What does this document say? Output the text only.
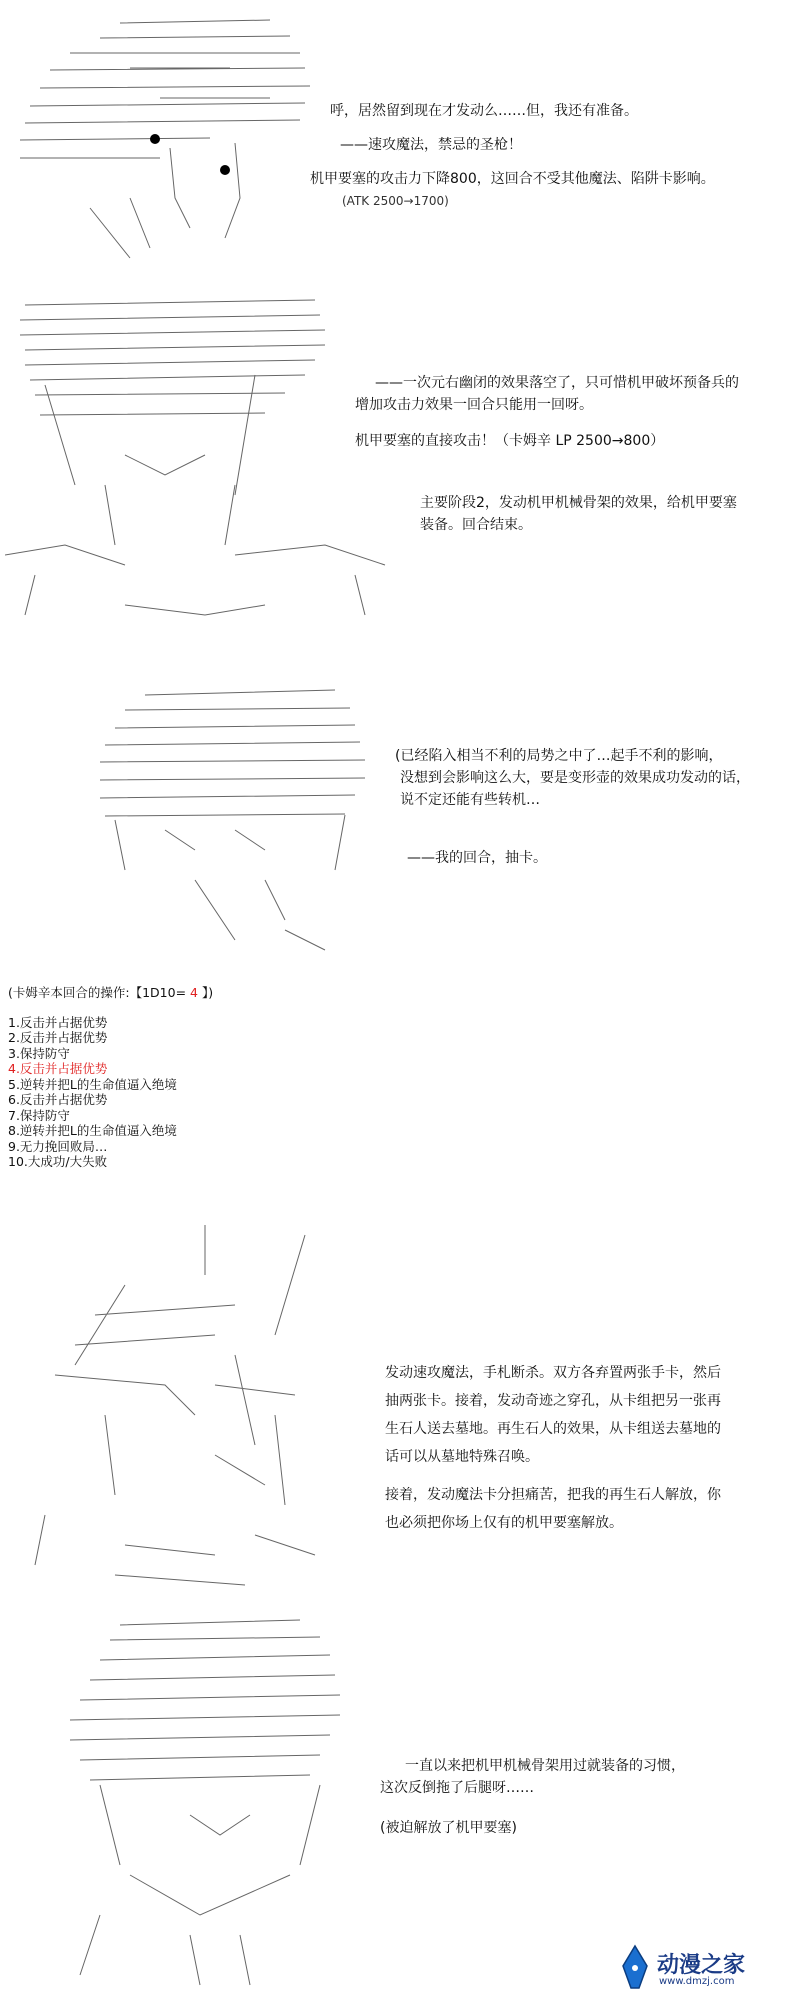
呼，居然留到现在才发动么……但，我还有准备。

——速攻魔法，禁忌的圣枪！

机甲要塞的攻击力下降800，这回合不受其他魔法、陷阱卡影响。

(ATK 2500→1700)

——一次元右幽闭的效果落空了，只可惜机甲破坏预备兵的

增加攻击力效果一回合只能用一回呀。

机甲要塞的直接攻击！（卡姆辛 LP 2500→800）

主要阶段2，发动机甲机械骨架的效果，给机甲要塞

装备。回合结束。

(已经陷入相当不利的局势之中了…起手不利的影响，

没想到会影响这么大，要是变形壶的效果成功发动的话，

说不定还能有些转机…

——我的回合，抽卡。

(卡姆辛本回合的操作:【1D10= 4 】)

1.反击并占据优势

2.反击并占据优势

3.保持防守

4.反击并占据优势

5.逆转并把L的生命值逼入绝境

6.反击并占据优势

7.保持防守

8.逆转并把L的生命值逼入绝境

9.无力挽回败局…

10.大成功/大失败

发动速攻魔法，手札断杀。双方各弃置两张手卡，然后

抽两张卡。接着，发动奇迹之穿孔，从卡组把另一张再

生石人送去墓地。再生石人的效果，从卡组送去墓地的

话可以从墓地特殊召唤。

接着，发动魔法卡分担痛苦，把我的再生石人解放，你

也必须把你场上仅有的机甲要塞解放。

一直以来把机甲机械骨架用过就装备的习惯，

这次反倒拖了后腿呀……

(被迫解放了机甲要塞)

动漫之家
www.dmzj.com
